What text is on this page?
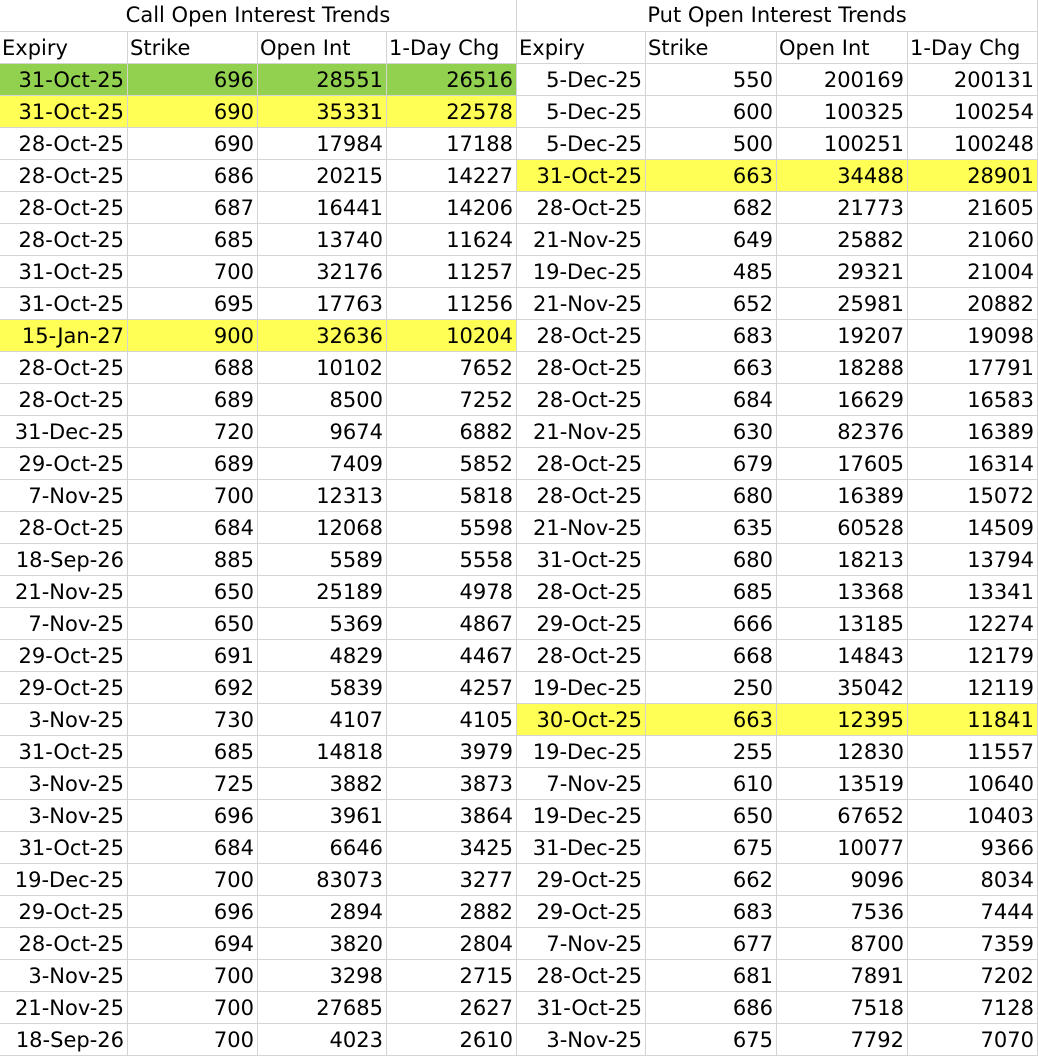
Call Open Interest Trends	Put Open Interest Trends
Expiry	Strike	Open Int	1-Day Chg Expiry	Strike	Open Int	1-Day Chg
31-Oct-25	696	28551	26516	5-Dec-25	550	200169	200131
31-Oct-25	690	35331	22578	5-Dec-25	600	100325	100254
28-Oct-25	690	17984	17188	5-Dec-25	500	100251	100248
28-Oct-25	686	20215	14227	31-Oct-25	663	34488	28901
28-Oct-25	687	16441	14206	28-Oct-25	682	21773	21605
28-Oct-25	685	13740	11624 21-Nov-25	649	25882	21060
31-Oct-25	700	32176	11257 19-Dec-25	485	29321	21004
31-Oct-25	695	17763	11256 21-Nov-25	652	25981	20882
15-Jan-27	900	32636	10204	28-Oct-25	683	19207	19098
28-Oct-25	688	10102	7652	28-Oct-25	663	18288	17791
28-Oct-25	689	8500	7252	28-Oct-25	684	16629	16583
31-Dec-25	720	9674	6882 21-Nov-25	630	82376	16389
29-Oct-25	689	7409	5852	28-Oct-25	679	17605	16314
7-Nov-25	700	12313	5818	28-Oct-25	680	16389	15072
28-Oct-25	684	12068	5598 21-Nov-25	635	60528	14509
18-Sep-26	885	5589	5558	31-Oct-25	680	18213	13794
21-Nov-25	650	25189	4978	28-Oct-25	685	13368	13341
7-Nov-25	650	5369	4867	29-Oct-25	666	13185	12274
29-Oct-25	691	4829	4467	28-Oct-25	668	14843	12179
29-Oct-25	692	5839	4257 19-Dec-25	250	35042	12119
3-Nov-25	730	4107	4105	30-Oct-25	663	12395	11841
31-Oct-25	685	14818	3979 19-Dec-25	255	12830	11557
3-Nov-25	725	3882	3873	7-Nov-25	610	13519	10640
3-Nov-25	696	3961	3864 19-Dec-25	650	67652	10403
31-Oct-25	684	6646	3425 31-Dec-25	675	10077	9366
19-Dec-25	700	83073	3277	29-Oct-25	662	9096	8034
29-Oct-25	696	2894	2882	29-Oct-25	683	7536	7444
28-Oct-25	694	3820	2804	7-Nov-25	677	8700	7359
3-Nov-25	700	3298	2715	28-Oct-25	681	7891	7202
21-Nov-25	700	27685	2627	31-Oct-25	686	7518	7128
18-Sep-26	700	4023	2610	3-Nov-25	675	7792	7070
